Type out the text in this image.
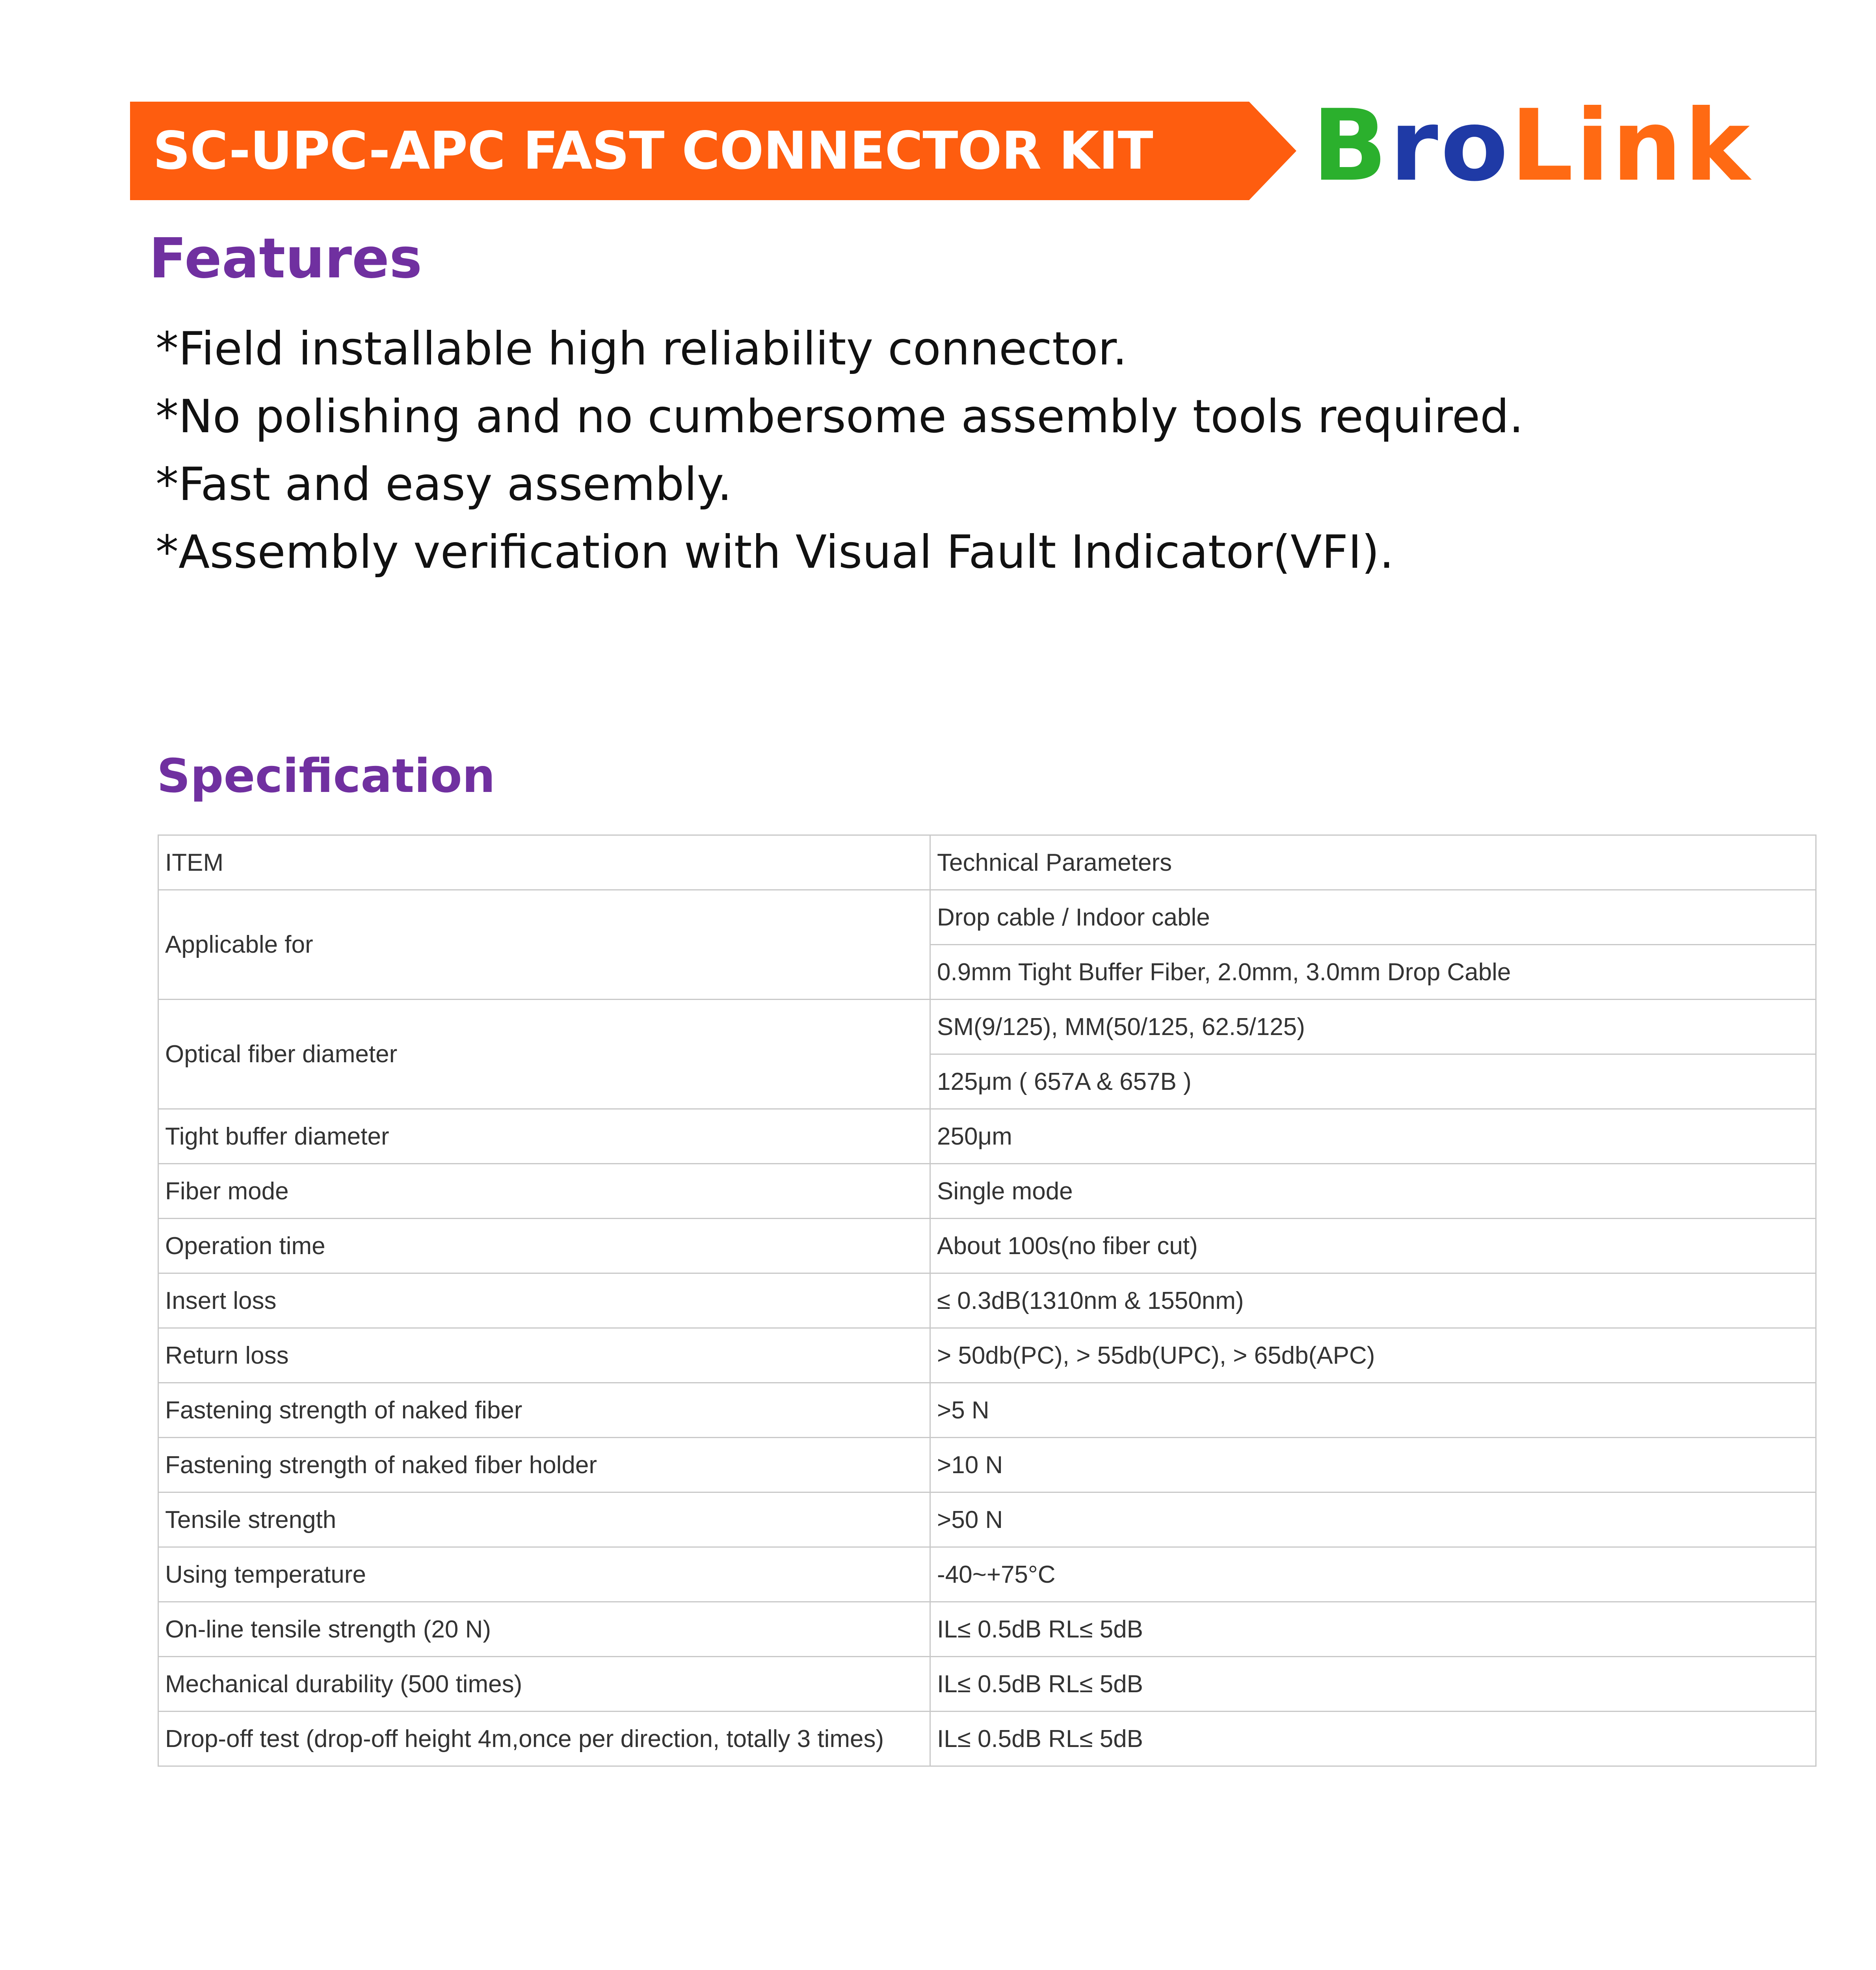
SC-UPC-APC FAST CONNECTOR KIT BroLink
Features
*Field installable high reliability connector.
*No polishing and no cumbersome assembly tools required.
*Fast and easy assembly.
*Assembly verification with Visual Fault Indicator(VFI).
Specification
ITEM	Technical Parameters
Applicable for	Drop cable / Indoor cable
	0.9mm Tight Buffer Fiber, 2.0mm, 3.0mm Drop Cable
Optical fiber diameter	SM(9/125), MM(50/125, 62.5/125)
	125μm ( 657A & 657B )
Tight buffer diameter	250μm
Fiber mode	Single mode
Operation time	About 100s(no fiber cut)
Insert loss	≤ 0.3dB(1310nm & 1550nm)
Return loss	> 50db(PC), > 55db(UPC), > 65db(APC)
Fastening strength of naked fiber	>5 N
Fastening strength of naked fiber holder	>10 N
Tensile strength	>50 N
Using temperature	-40~+75°C
On-line tensile strength (20 N)	IL≤ 0.5dB RL≤ 5dB
Mechanical durability (500 times)	IL≤ 0.5dB RL≤ 5dB
Drop-off test (drop-off height 4m,once per direction, totally 3 times)	IL≤ 0.5dB RL≤ 5dB
